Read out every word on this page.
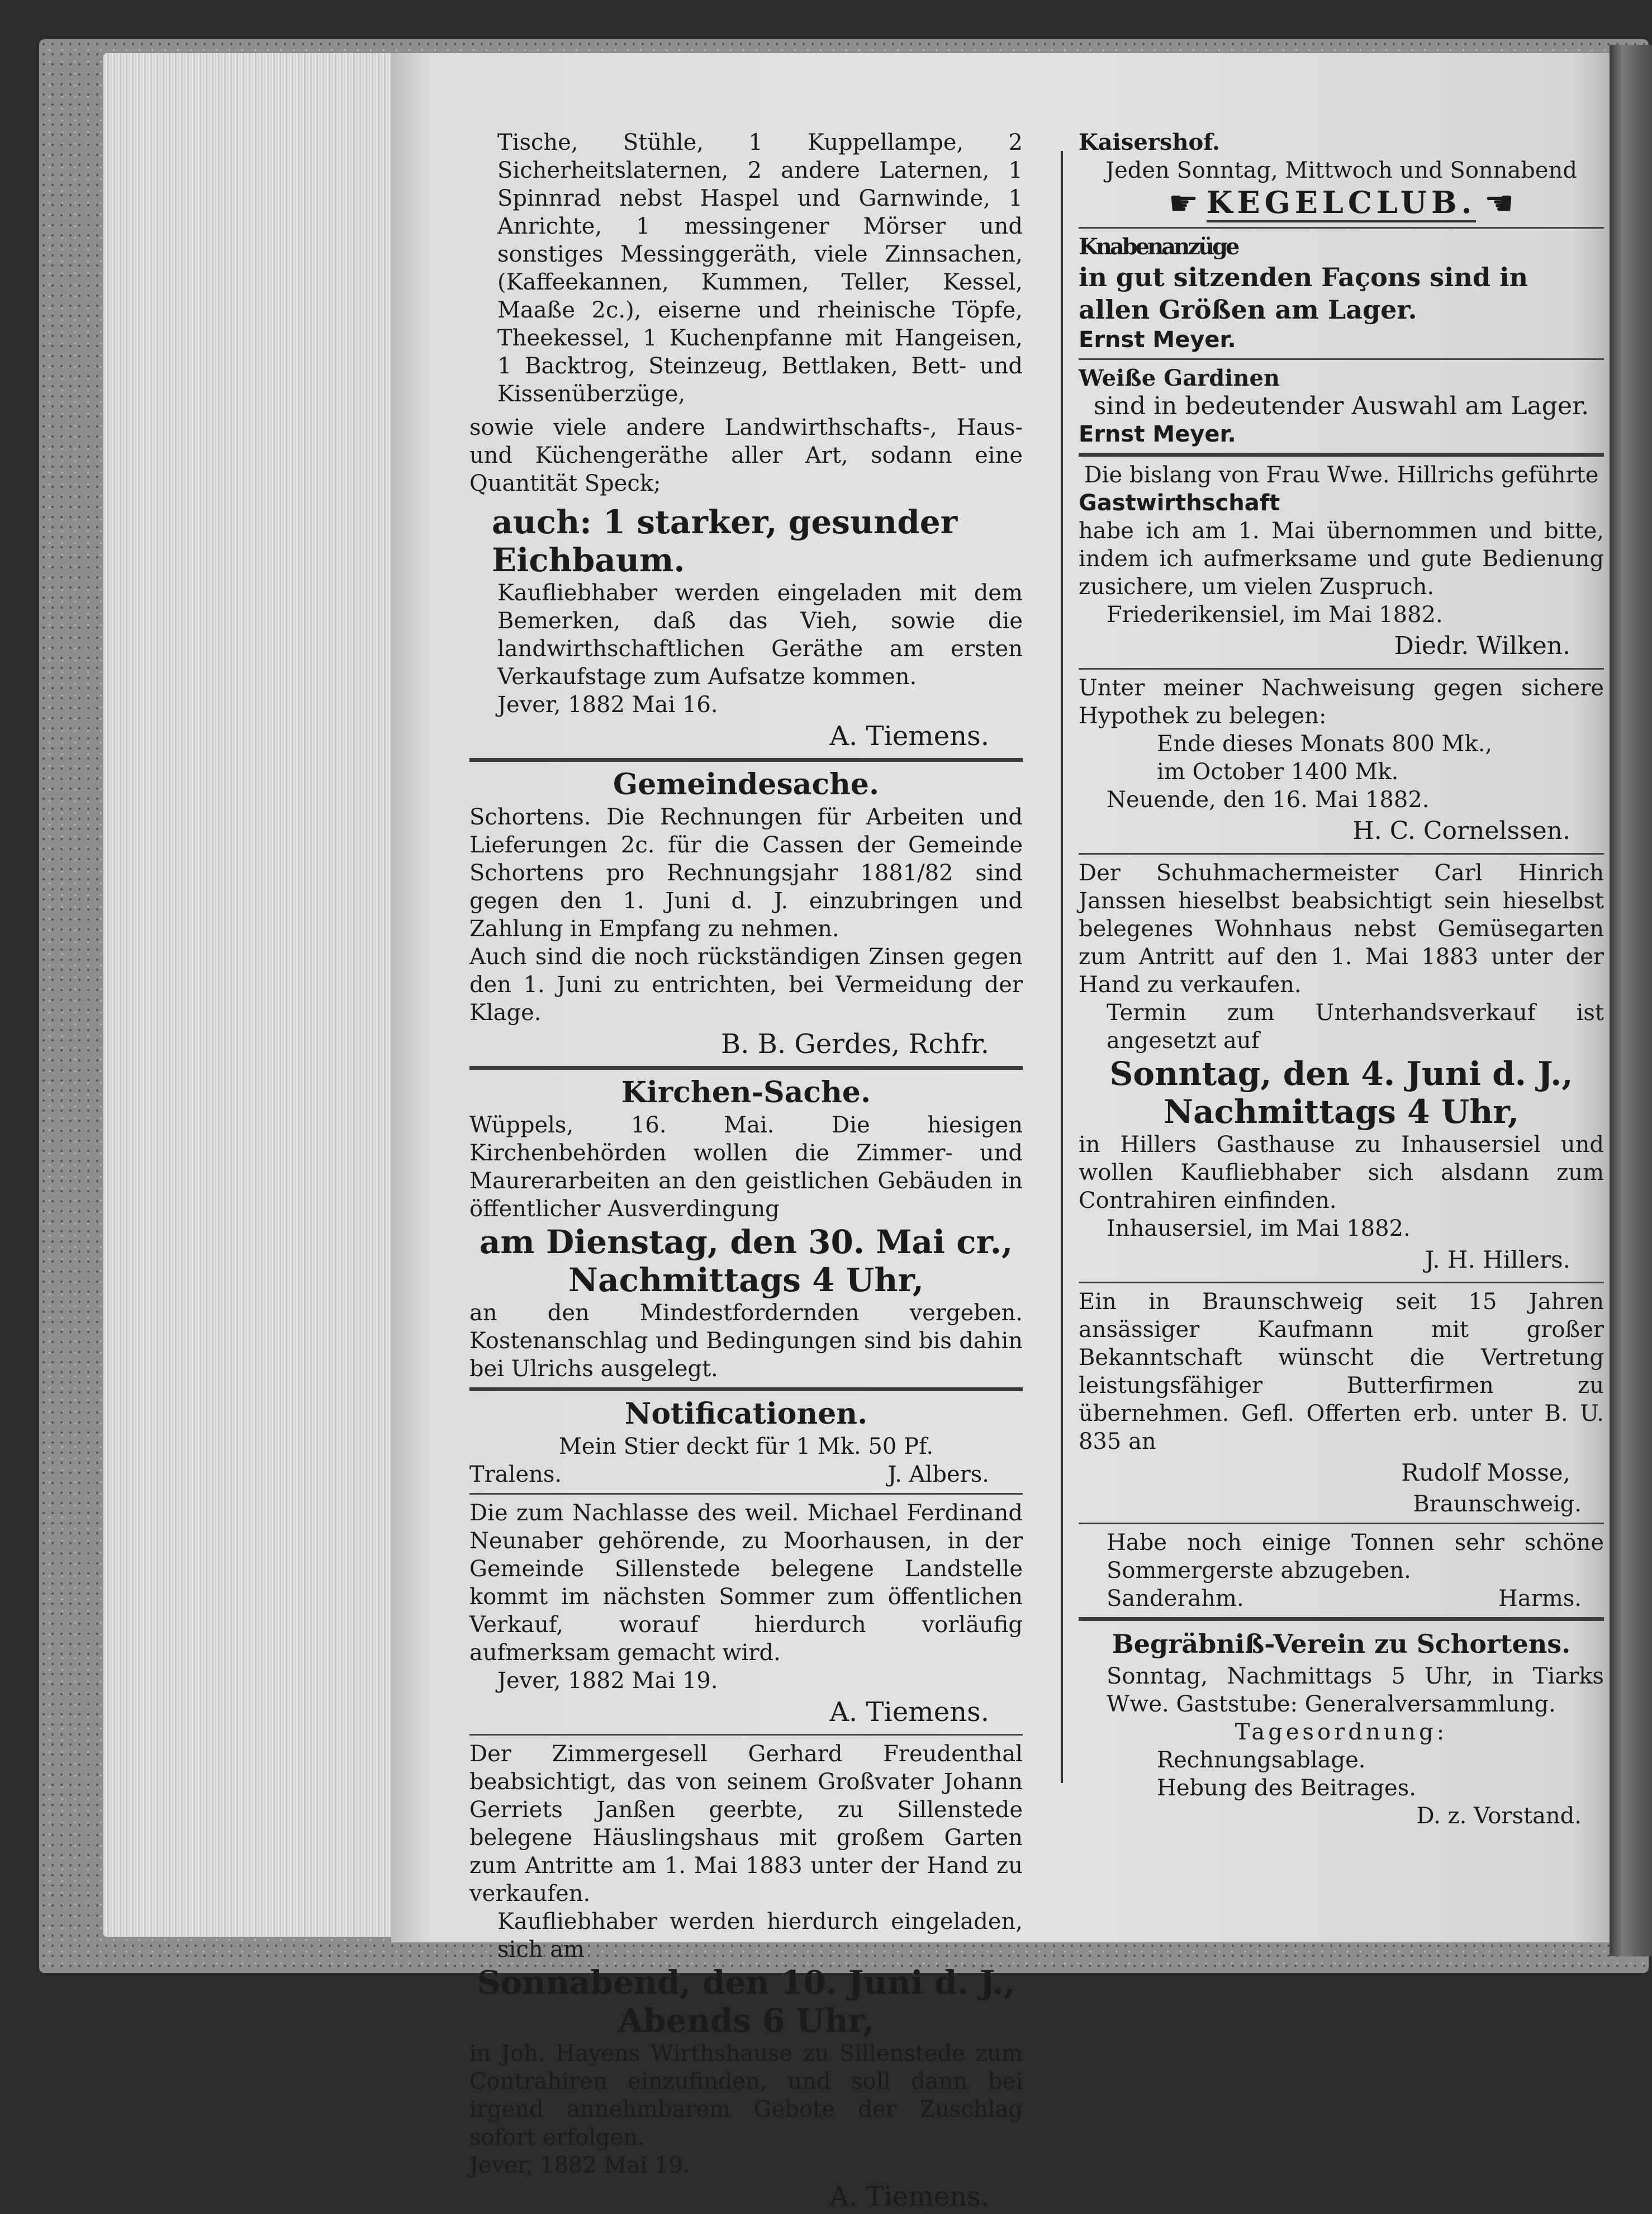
Tische, Stühle, 1 Kuppellampe, 2 Sicherheitslaternen, 2 andere Laternen, 1 Spinnrad nebst Haspel und Garnwinde, 1 Anrichte, 1 messingener Mörser und sonstiges Messinggeräth, viele Zinnsachen, (Kaffeekannen, Kummen, Teller, Kessel, Maaße 2c.), eiserne und rheinische Töpfe, Theekessel, 1 Kuchenpfanne mit Hangeisen, 1 Backtrog, Steinzeug, Bettlaken, Bett- und Kissenüberzüge,

sowie viele andere Landwirthschafts-, Haus- und Küchengeräthe aller Art, sodann eine Quantität Speck;

auch: 1 starker, gesunder Eichbaum.

Kaufliebhaber werden eingeladen mit dem Bemerken, daß das Vieh, sowie die landwirthschaftlichen Geräthe am ersten Verkaufstage zum Aufsatze kommen.

Jever, 1882 Mai 16.

A. Tiemens.

Gemeindesache.

Schortens. Die Rechnungen für Arbeiten und Lieferungen 2c. für die Cassen der Gemeinde Schortens pro Rechnungsjahr 1881/82 sind gegen den 1. Juni d. J. einzubringen und Zahlung in Empfang zu nehmen.

Auch sind die noch rückständigen Zinsen gegen den 1. Juni zu entrichten, bei Vermeidung der Klage.

B. B. Gerdes, Rchfr.

Kirchen-Sache.

Wüppels, 16. Mai. Die hiesigen Kirchenbehörden wollen die Zimmer- und Maurerarbeiten an den geistlichen Gebäuden in öffentlicher Ausverdingung

am Dienstag, den 30. Mai cr.,

Nachmittags 4 Uhr,

an den Mindestfordernden vergeben. Kostenanschlag und Bedingungen sind bis dahin bei Ulrichs ausgelegt.

Notificationen.

Mein Stier deckt für 1 Mk. 50 Pf.

Tralens.	J. Albers.

Die zum Nachlasse des weil. Michael Ferdinand Neunaber gehörende, zu Moorhausen, in der Gemeinde Sillenstede belegene Landstelle kommt im nächsten Sommer zum öffentlichen Verkauf, worauf hierdurch vorläufig aufmerksam gemacht wird.

Jever, 1882 Mai 19.

A. Tiemens.

Der Zimmergesell Gerhard Freudenthal beabsichtigt, das von seinem Großvater Johann Gerriets Janßen geerbte, zu Sillenstede belegene Häuslingshaus mit großem Garten zum Antritte am 1. Mai 1883 unter der Hand zu verkaufen.

Kaufliebhaber werden hierdurch eingeladen, sich am

Sonnabend, den 10. Juni d. J.,

Abends 6 Uhr,

in Joh. Hayens Wirthshause zu Sillenstede zum Contrahiren einzufinden, und soll dann bei irgend annehmbarem Gebote der Zuschlag sofort erfolgen.

Jever, 1882 Mai 19.

A. Tiemens.

Kaisershof.

Jeden Sonntag, Mittwoch und Sonnabend

☛ KEGELCLUB. ☚

Knabenanzüge

in gut sitzenden Façons sind in allen Größen am Lager.

Ernst Meyer.

Weiße Gardinen

sind in bedeutender Auswahl am Lager.

Ernst Meyer.

Die bislang von Frau Wwe. Hillrichs geführte

Gastwirthschaft

habe ich am 1. Mai übernommen und bitte, indem ich aufmerksame und gute Bedienung zusichere, um vielen Zuspruch.

Friederikensiel, im Mai 1882.

Diedr. Wilken.

Unter meiner Nachweisung gegen sichere Hypothek zu belegen:

Ende dieses Monats 800 Mk.,

im October 1400 Mk.

Neuende, den 16. Mai 1882.

H. C. Cornelssen.

Der Schuhmachermeister Carl Hinrich Janssen hieselbst beabsichtigt sein hieselbst belegenes Wohnhaus nebst Gemüsegarten zum Antritt auf den 1. Mai 1883 unter der Hand zu verkaufen.

Termin zum Unterhandsverkauf ist angesetzt auf

Sonntag, den 4. Juni d. J.,

Nachmittags 4 Uhr,

in Hillers Gasthause zu Inhausersiel und wollen Kaufliebhaber sich alsdann zum Contrahiren einfinden.

Inhausersiel, im Mai 1882.

J. H. Hillers.

Ein in Braunschweig seit 15 Jahren ansässiger Kaufmann mit großer Bekanntschaft wünscht die Vertretung leistungsfähiger Butterfirmen zu übernehmen. Gefl. Offerten erb. unter B. U. 835 an

Rudolf Mosse,

Braunschweig.

Habe noch einige Tonnen sehr schöne Sommergerste abzugeben.

Sanderahm.	Harms.

Begräbniß-Verein zu Schortens.

Sonntag, Nachmittags 5 Uhr, in Tiarks Wwe. Gaststube: Generalversammlung.

Tagesordnung:

Rechnungsablage.

Hebung des Beitrages.

D. z. Vorstand.
